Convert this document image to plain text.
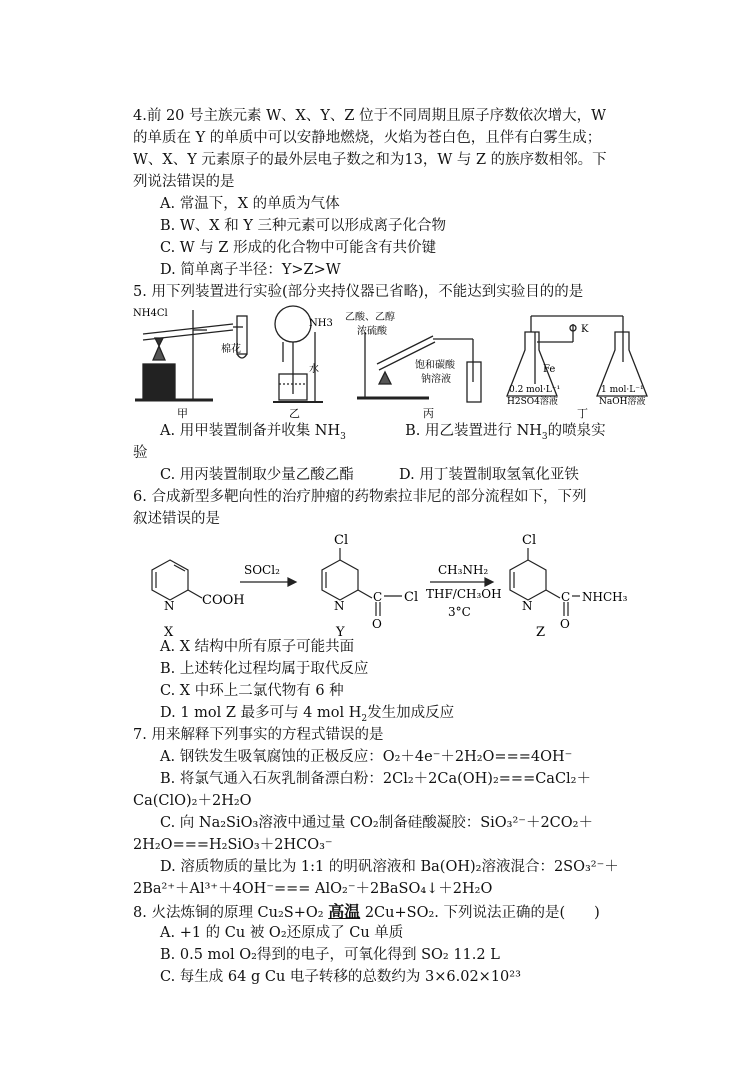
4.前 20 号主族元素 W、X、Y、Z 位于不同周期且原子序数依次增大，W
的单质在 Y 的单质中可以安静地燃烧，火焰为苍白色，且伴有白雾生成；
W、X、Y 元素原子的最外层电子数之和为13，W 与 Z 的族序数相邻。下
列说法错误的是
A. 常温下，X 的单质为气体
B. W、X 和 Y 三种元素可以形成离子化合物
C. W 与 Z 形成的化合物中可能含有共价键
D. 简单离子半径：Y>Z>W
5. 用下列装置进行实验(部分夹持仪器已省略)，不能达到实验目的的是
NH4Cl
棉花
甲
NH3
水
乙
乙酸、乙醇
浓硫酸
饱和碳酸
钠溶液
丙
K
Fe
0.2 mol·L⁻¹
H2SO4溶液
1 mol·L⁻¹
NaOH溶液
丁
A. 用甲装置制备并收集 $NH_3$	B. 用乙装置进行 $NH_3$的喷泉实
验
C. 用丙装置制取少量乙酸乙酯	D. 用丁装置制取氢氧化亚铁
6. 合成新型多靶向性的治疗肿瘤的药物索拉非尼的部分流程如下，下列
叙述错误的是
N COOH
X
SOCl₂
Cl
N
C
O
Cl
Y
CH₃NH₂
THF/CH₃OH
3°C
Cl
N
C
O
NHCH₃
Z
A. X 结构中所有原子可能共面
B. 上述转化过程均属于取代反应
C. X 中环上二氯代物有 6 种
D. 1 mol Z 最多可与 4 mol $H_2$发生加成反应
7. 用来解释下列事实的方程式错误的是
A. 钢铁发生吸氧腐蚀的正极反应：O₂＋4e⁻＋2H₂O===4OH⁻
B. 将氯气通入石灰乳制备漂白粉：2Cl₂＋2Ca(OH)₂===CaCl₂＋
Ca(ClO)₂＋2H₂O
C. 向 Na₂SiO₃溶液中通过量 CO₂制备硅酸凝胶：SiO₃²⁻＋2CO₂＋
2H₂O===H₂SiO₃＋2HCO₃⁻
D. 溶质物质的量比为 1:1 的明矾溶液和 Ba(OH)₂溶液混合：2SO₃²⁻＋
2Ba²⁺＋Al³⁺＋4OH⁻=== AlO₂⁻＋2BaSO₄↓＋2H₂O
8. 火法炼铜的原理 Cu₂S+O₂ 高温 2Cu+SO₂. 下列说法正确的是(　　)
A. +1 的 Cu 被 O₂还原成了 Cu 单质
B. 0.5 mol O₂得到的电子，可氧化得到 SO₂ 11.2 L
C. 每生成 64 g Cu 电子转移的总数约为 3×6.02×10²³
